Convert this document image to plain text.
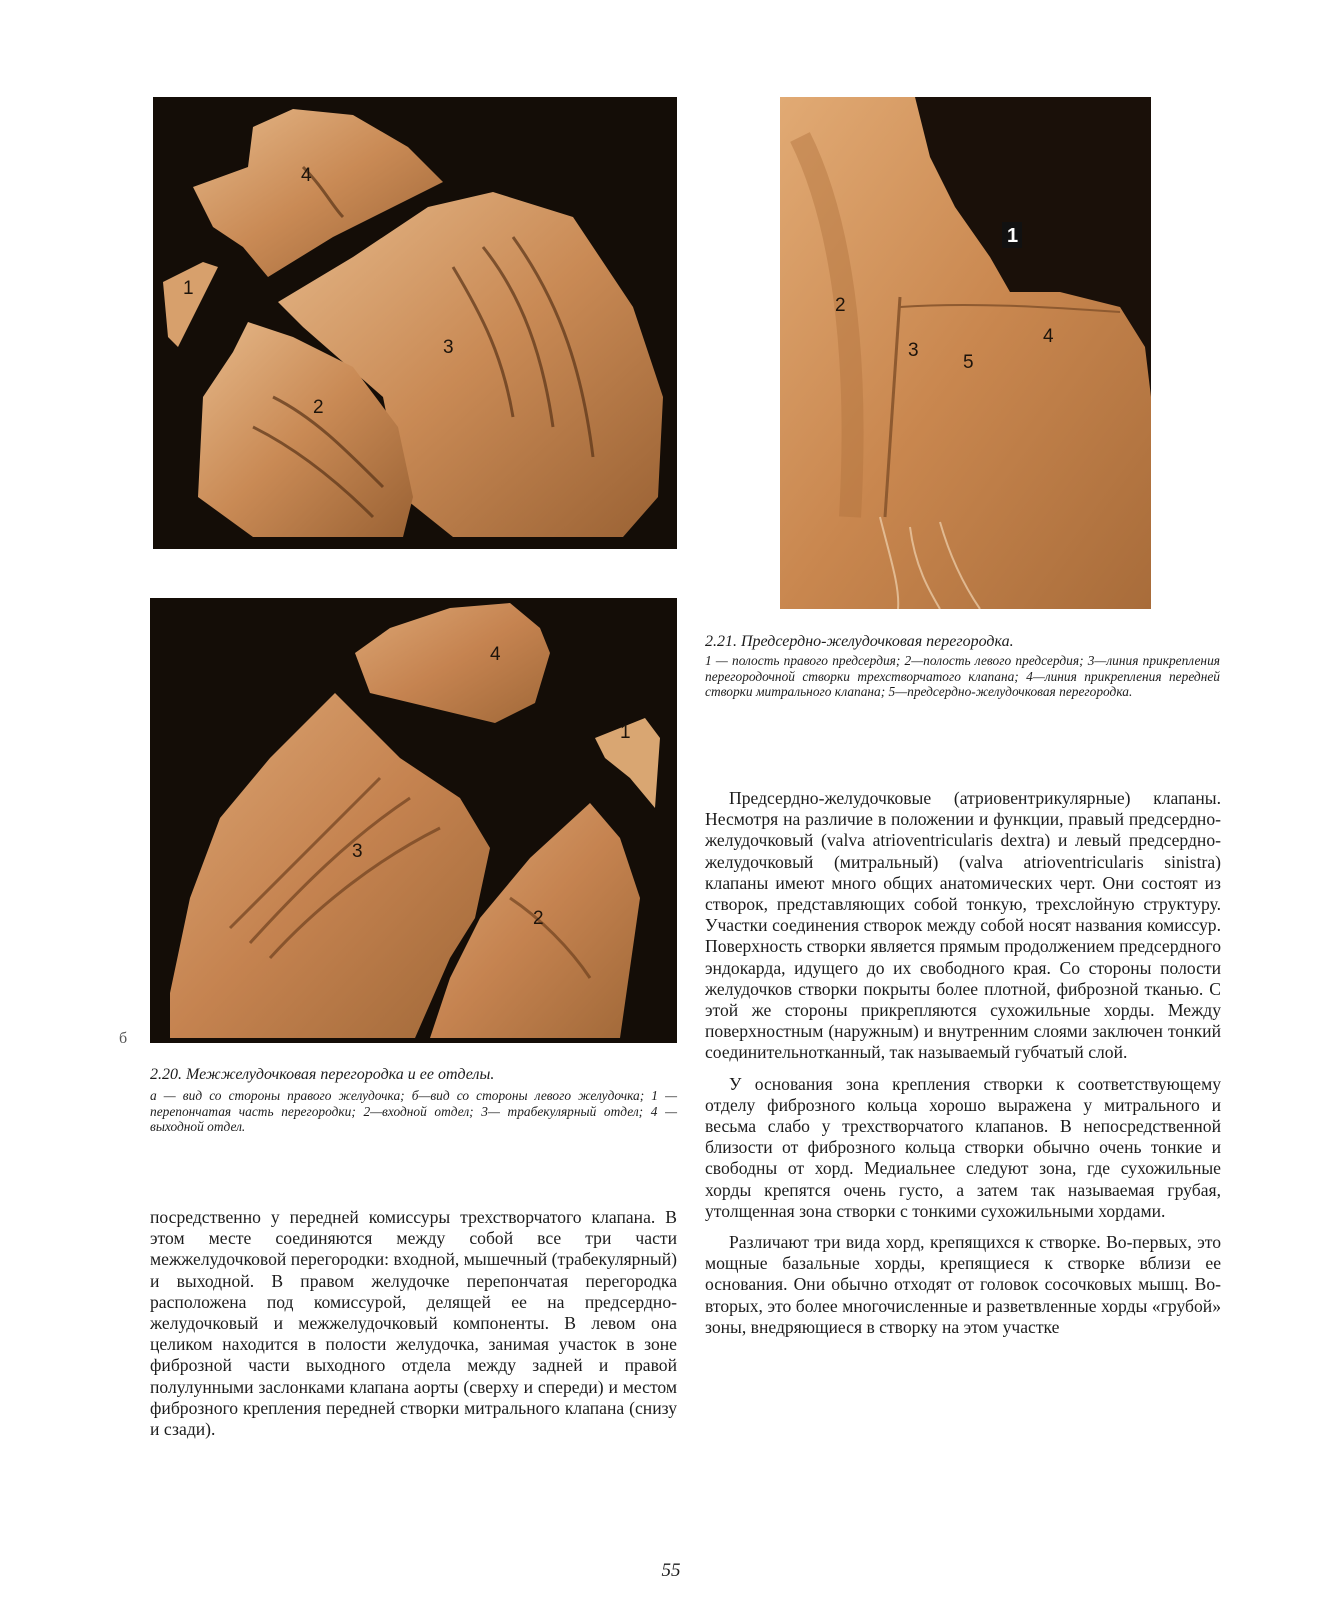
4
1
3
2
4
1
3
2
б
2.20. Межжелудочковая перегородка и ее отделы.
а — вид со стороны правого желудочка; б—вид со стороны левого желудочка; 1 — перепончатая часть перегородки; 2—входной отдел; 3— трабекулярный отдел; 4 — выходной отдел.
1
2
3
5
4
2.21. Предсердно-желудочковая перегородка.
1 — полость правого предсердия; 2—полость левого предсердия; 3—линия прикрепления перегородочной створки трехстворчатого клапана; 4—линия прикрепления передней створки митрального клапана; 5—предсердно-желудочковая перегородка.

Предсердно-желудочковые (атриовентрикулярные) клапаны. Несмотря на различие в положении и функции, правый предсердно-желудочковый (valva atrioventricularis dextra) и левый предсердно-желудочковый (митральный) (valva atrioventricularis sinistra) клапаны имеют много общих анатомических черт. Они состоят из створок, представляющих собой тонкую, трехслойную структуру. Участки соединения створок между собой носят названия комиссур. Поверхность створки является прямым продолжением предсердного эндокарда, идущего до их свободного края. Со стороны полости желудочков створки покрыты более плотной, фиброзной тканью. С этой же стороны прикрепляются сухожильные хорды. Между поверхностным (наружным) и внутренним слоями заключен тонкий соединительнотканный, так называемый губчатый слой.

У основания зона крепления створки к соответствующему отделу фиброзного кольца хорошо выражена у митрального и весьма слабо у трехстворчатого клапанов. В непосредственной близости от фиброзного кольца створки обычно очень тонкие и свободны от хорд. Медиальнее следуют зона, где сухожильные хорды крепятся очень густо, а затем так называемая грубая, утолщенная зона створки с тонкими сухожильными хордами.

Различают три вида хорд, крепящихся к створке. Во-первых, это мощные базальные хорды, крепящиеся к створке вблизи ее основания. Они обычно отходят от головок сосочковых мышц. Во-вторых, это более многочисленные и разветвленные хорды «грубой» зоны, внедряющиеся в створку на этом участке

посредственно у передней комиссуры трехстворчатого клапана. В этом месте соединяются между собой все три части межжелудочковой перегородки: входной, мышечный (трабекулярный) и выходной. В правом желудочке перепончатая перегородка расположена под комиссурой, делящей ее на предсердно-желудочковый и межжелудочковый компоненты. В левом она целиком находится в полости желудочка, занимая участок в зоне фиброзной части выходного отдела между задней и правой полулунными заслонками клапана аорты (сверху и спереди) и местом фиброзного крепления передней створки митрального клапана (снизу и сзади).

55
